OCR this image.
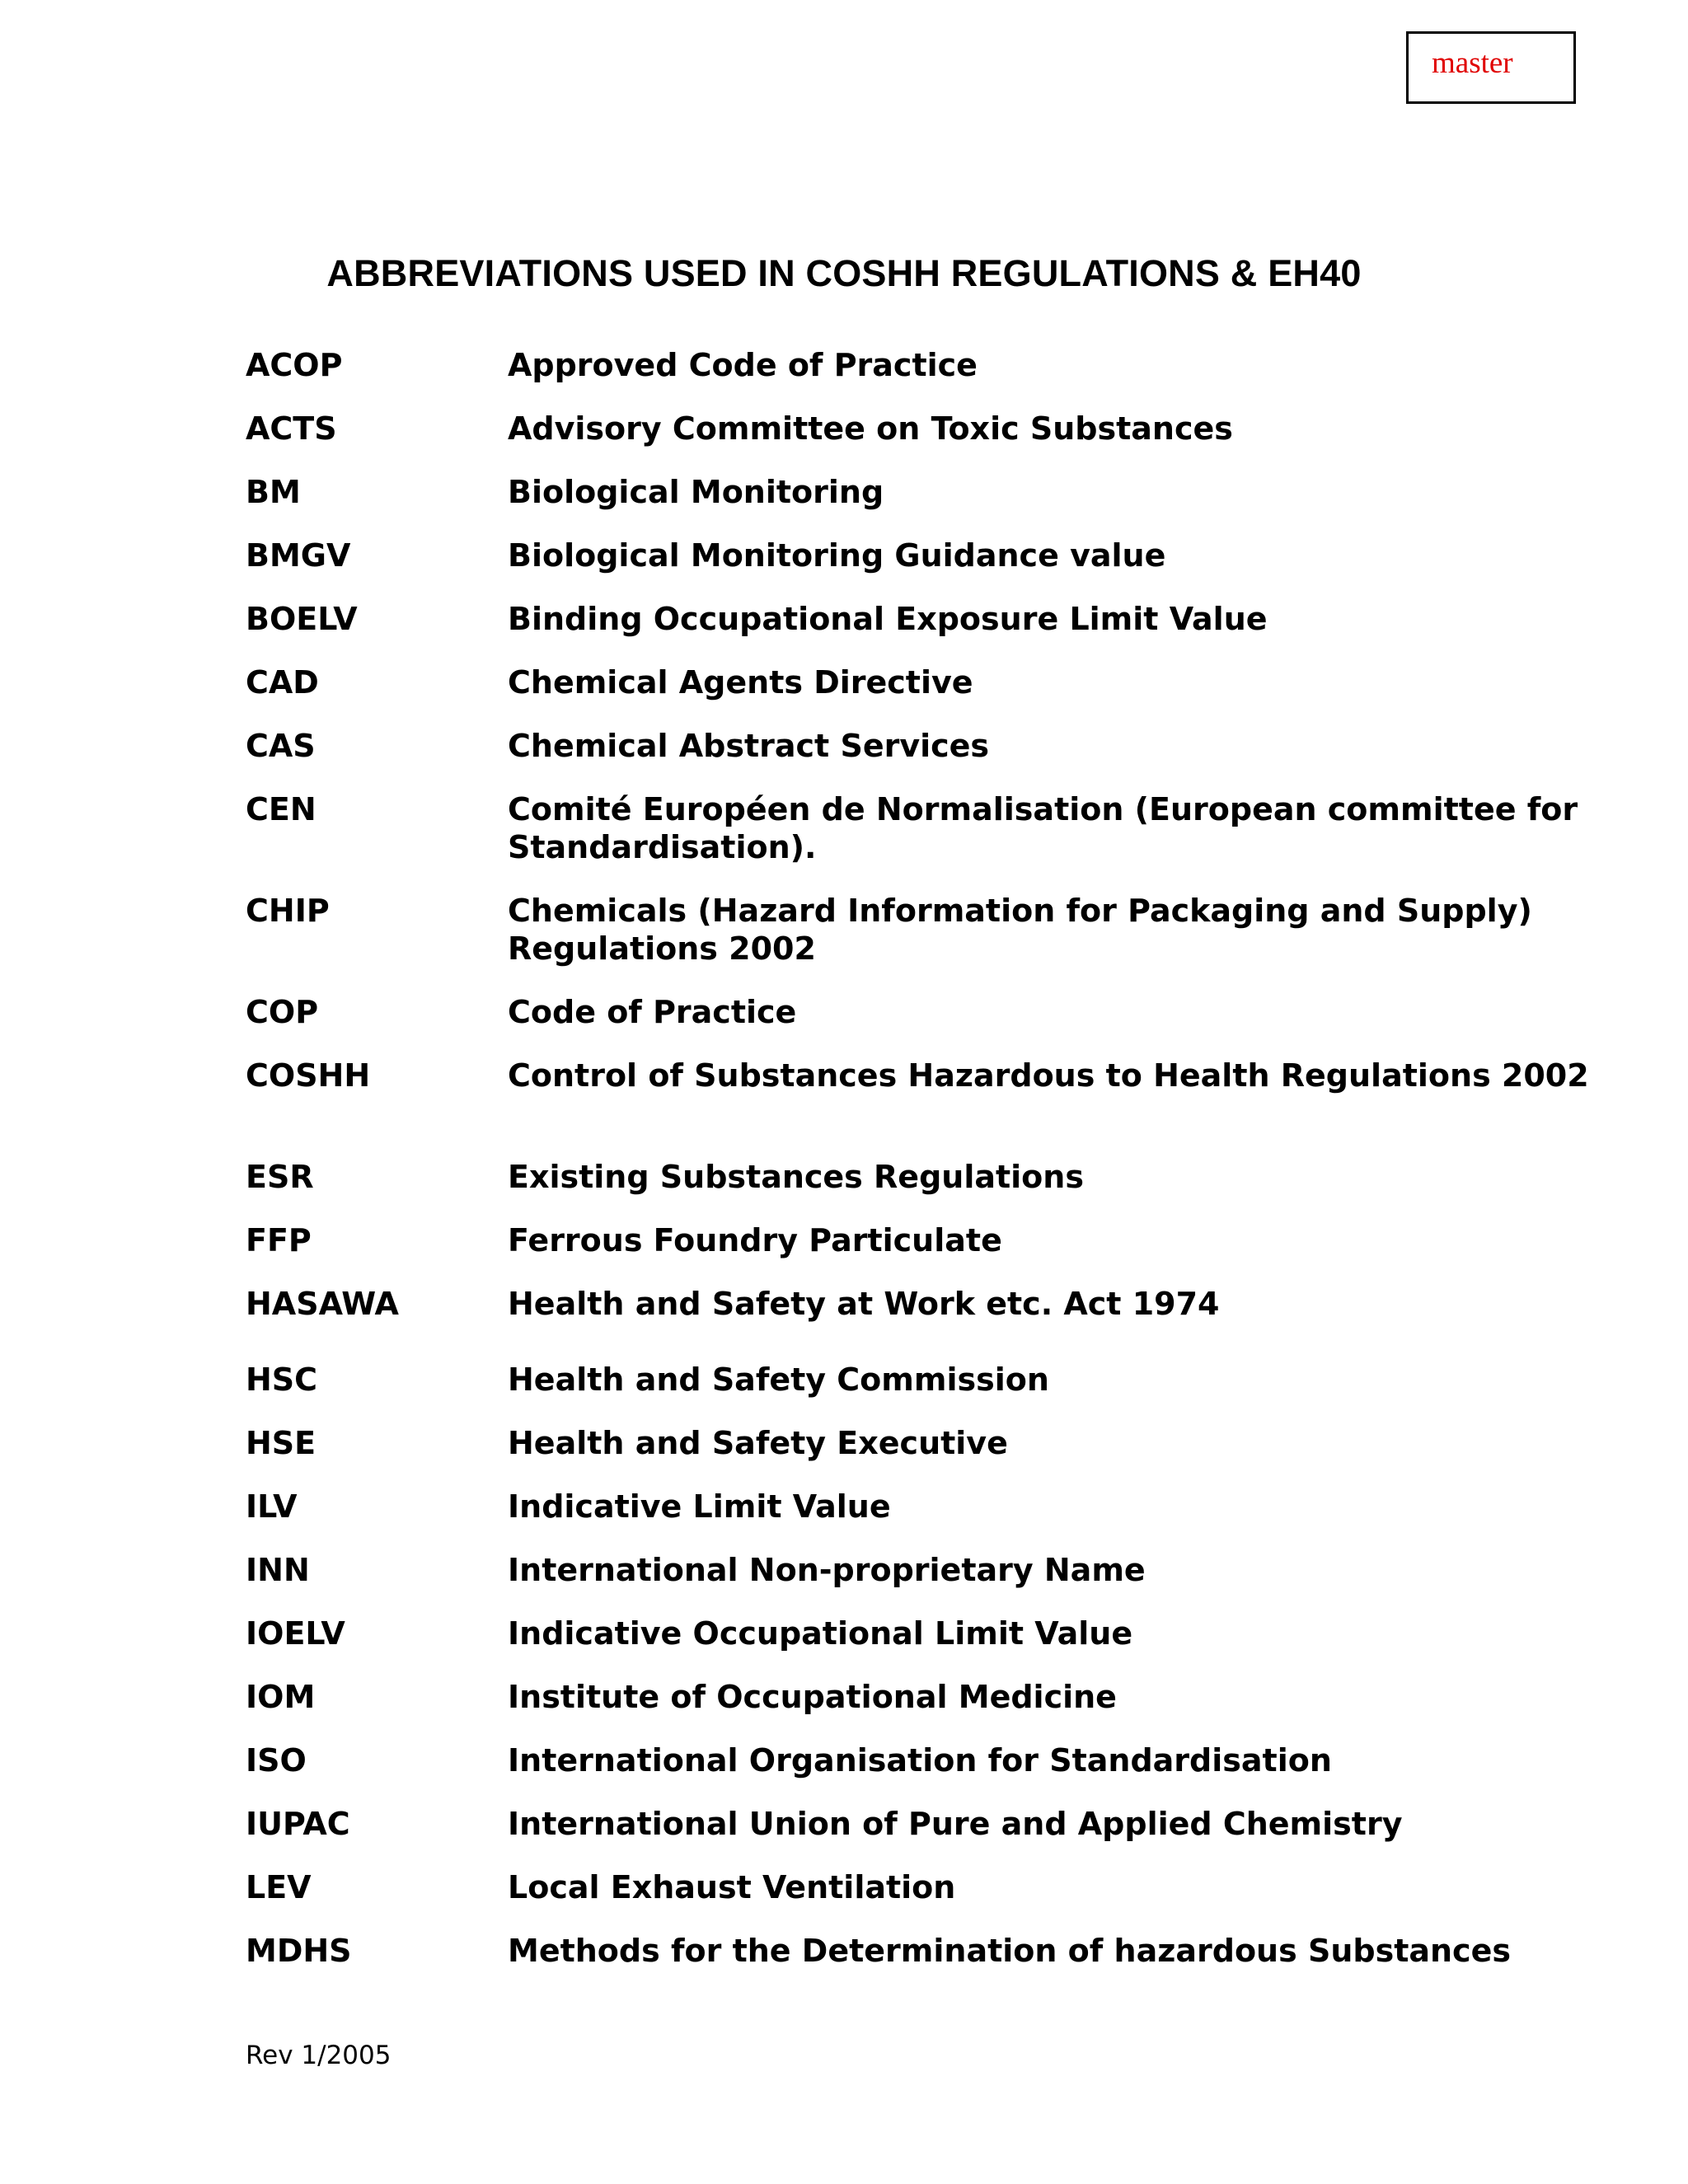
master
ABBREVIATIONS USED IN COSHH REGULATIONS & EH40
ACOP	Approved Code of Practice
ACTS	Advisory Committee on Toxic Substances
BM	Biological Monitoring
BMGV	Biological Monitoring Guidance value
BOELV	Binding Occupational Exposure Limit Value
CAD	Chemical Agents Directive
CAS	Chemical Abstract Services
CEN	Comité Européen de Normalisation (European committee for Standardisation).
CHIP	Chemicals (Hazard Information for Packaging and Supply) Regulations 2002
COP	Code of Practice
COSHH	Control of Substances Hazardous to Health Regulations 2002
ESR	Existing Substances Regulations
FFP	Ferrous Foundry Particulate
HASAWA	Health and Safety at Work etc. Act 1974
HSC	Health and Safety Commission
HSE	Health and Safety Executive
ILV	Indicative Limit Value
INN	International Non-proprietary Name
IOELV	Indicative Occupational Limit Value
IOM	Institute of Occupational Medicine
ISO	International Organisation for Standardisation
IUPAC	International Union of Pure and Applied Chemistry
LEV	Local Exhaust Ventilation
MDHS	Methods for the Determination of hazardous Substances
Rev 1/2005
